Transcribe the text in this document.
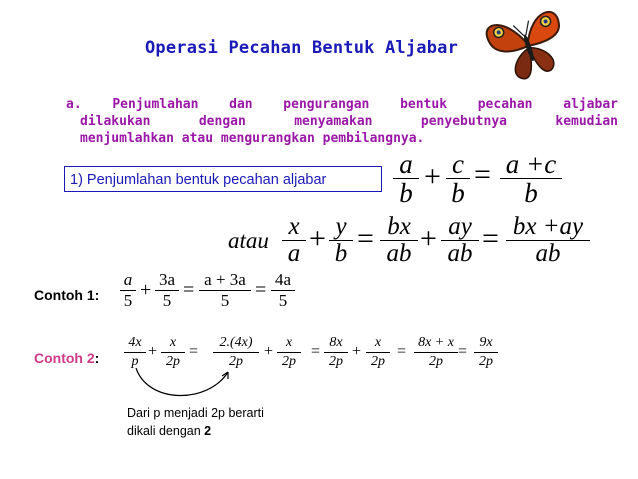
Operasi Pecahan Bentuk Aljabar

a. Penjumlahan dan pengurangan bentuk pecahan aljabar

dilakukan dengan menyamakan penyebutnya kemudian

menjumlahkan atau mengurangkan pembilangnya.

1) Penjumlahan bentuk pecahan aljabar
a
b + c
b
= a +c
b
atau
x
a + y
b = bx
ab + ay
ab = bx +ay
ab
Contoh 1:
a
5 + 3a
5 = a + 3a
5	= 4a
5
Contoh 2:
4x
p
+
x
2p
=
2.(4x)
2p
+
x
2p
=
8x
2p
+
x
2p
=
8x + x
2p
=
9x
2p
Dari p menjadi 2p berarti
dikali dengan 2
